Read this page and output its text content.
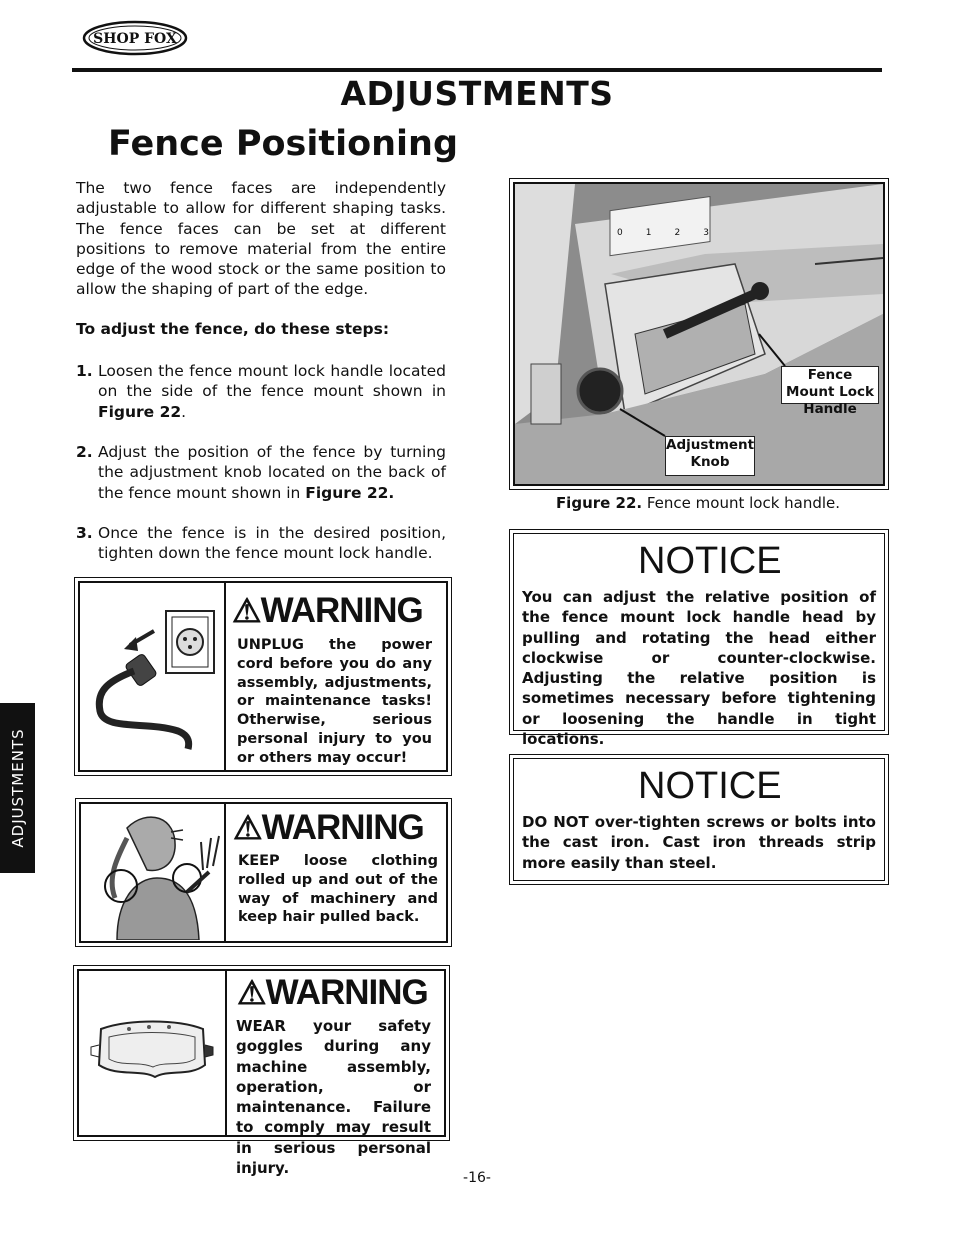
SHOP FOX
ADJUSTMENTS
Fence Positioning
The two fence faces are independently adjustable to allow for different shaping tasks. The fence faces can be set at different positions to remove material from the entire edge of the wood stock or the same position to allow the shaping of part of the edge.
To adjust the fence, do these steps:
1. Loosen the fence mount lock handle located on the side of the fence mount shown in Figure 22.
2. Adjust the position of the fence by turning the adjustment knob located on the back of the fence mount shown in Figure 22.
3. Once the fence is in the desired position, tighten down the fence mount lock handle.
ADJUSTMENTS
⚠WARNING
UNPLUG the power cord before you do any assembly, adjustments, or maintenance tasks! Otherwise, serious personal injury to you or others may occur!
⚠WARNING
KEEP loose clothing rolled up and out of the way of machinery and keep hair pulled back.
⚠WARNING
WEAR your safety goggles during any machine assembly, operation, or maintenance. Failure to comply may result in serious personal injury.
0	1	2	3
Fence Mount Lock Handle
Adjustment Knob
Figure 22. Fence mount lock handle.
NOTICE
You can adjust the relative position of the fence mount lock handle head by pulling and rotating the head either clockwise or counter-clockwise. Adjusting the relative position is sometimes necessary before tightening or loosening the handle in tight locations.
NOTICE
DO NOT over-tighten screws or bolts into the cast iron. Cast iron threads strip more easily than steel.
-16-
